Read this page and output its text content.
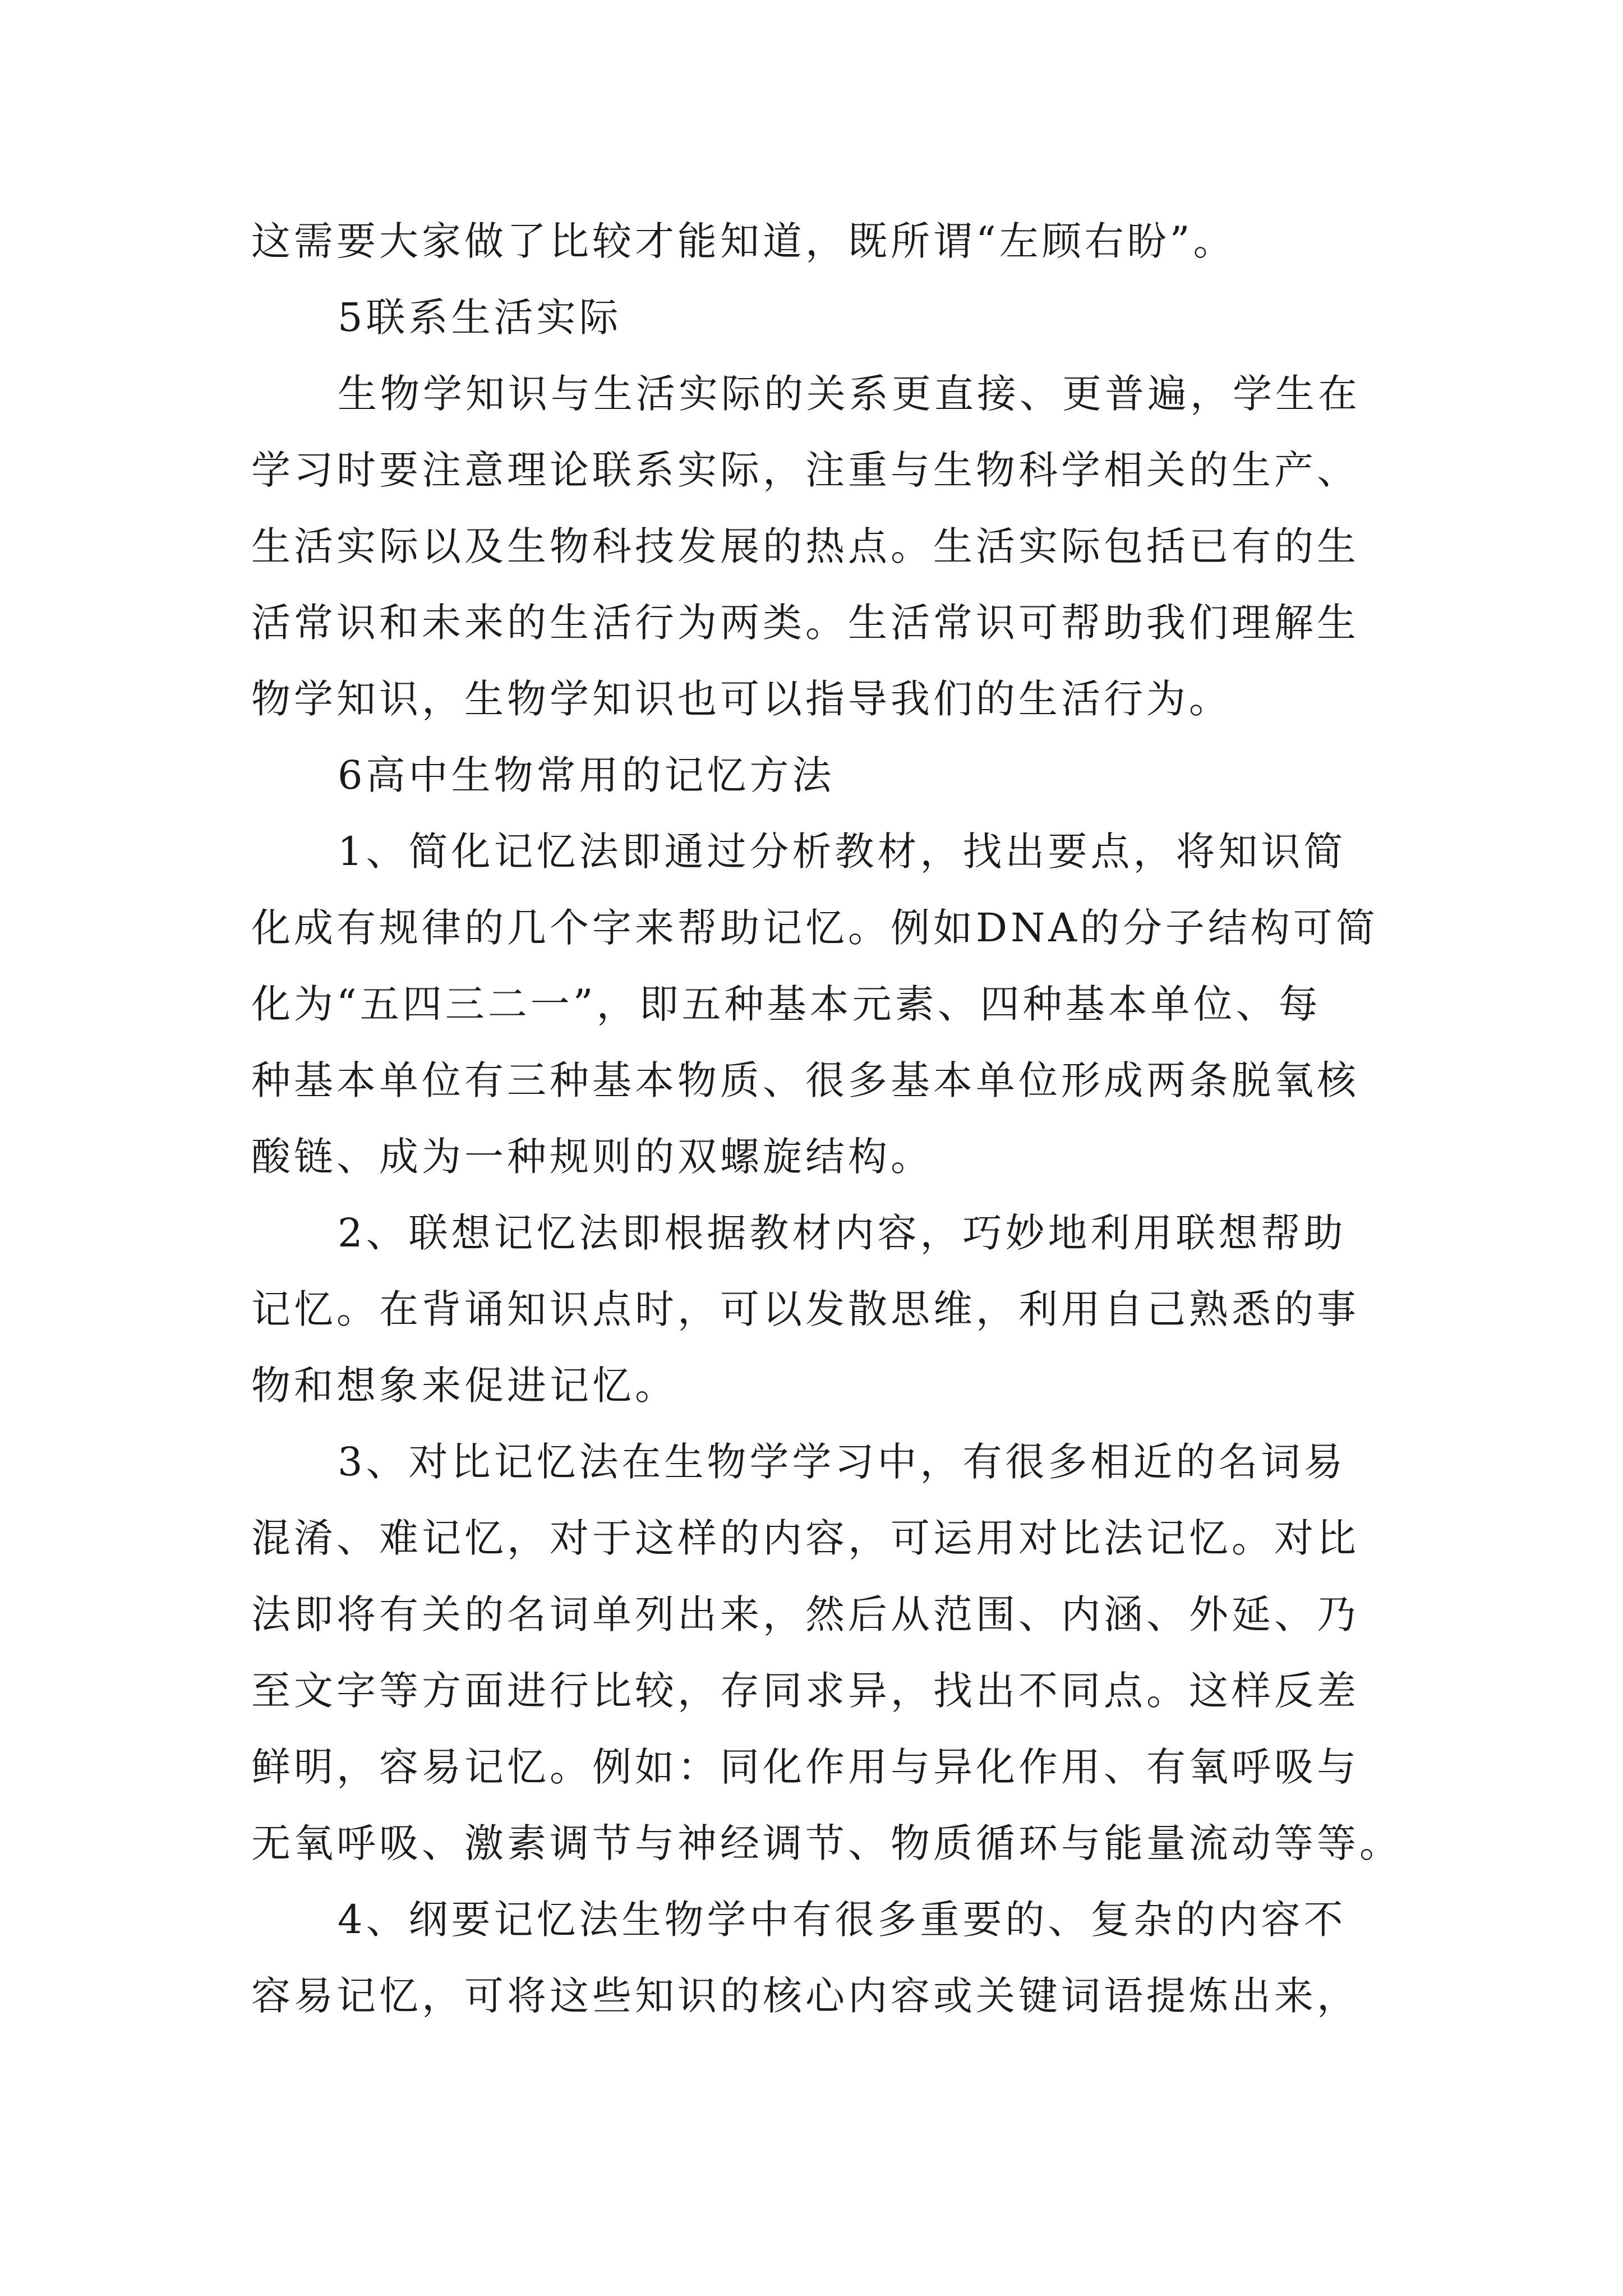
这需要大家做了比较才能知道，既所谓“左顾右盼”。
5联系生活实际
生物学知识与生活实际的关系更直接、更普遍，学生在
学习时要注意理论联系实际，注重与生物科学相关的生产、
生活实际以及生物科技发展的热点。生活实际包括已有的生
活常识和未来的生活行为两类。生活常识可帮助我们理解生
物学知识，生物学知识也可以指导我们的生活行为。
6高中生物常用的记忆方法
1、简化记忆法即通过分析教材，找出要点，将知识简
化成有规律的几个字来帮助记忆。例如DNA的分子结构可简
化为“五四三二一”，即五种基本元素、四种基本单位、每
种基本单位有三种基本物质、很多基本单位形成两条脱氧核
酸链、成为一种规则的双螺旋结构。
2、联想记忆法即根据教材内容，巧妙地利用联想帮助
记忆。在背诵知识点时，可以发散思维，利用自己熟悉的事
物和想象来促进记忆。
3、对比记忆法在生物学学习中，有很多相近的名词易
混淆、难记忆，对于这样的内容，可运用对比法记忆。对比
法即将有关的名词单列出来，然后从范围、内涵、外延、乃
至文字等方面进行比较，存同求异，找出不同点。这样反差
鲜明，容易记忆。例如：同化作用与异化作用、有氧呼吸与
无氧呼吸、激素调节与神经调节、物质循环与能量流动等等。
4、纲要记忆法生物学中有很多重要的、复杂的内容不
容易记忆，可将这些知识的核心内容或关键词语提炼出来，
